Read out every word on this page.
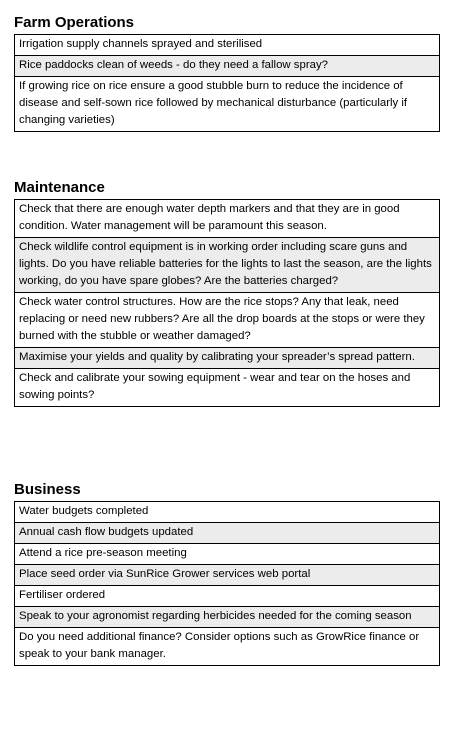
Farm Operations
Irrigation supply channels sprayed and sterilised
Rice paddocks clean of weeds - do they need a fallow spray?
If growing rice on rice ensure a good stubble burn to reduce the incidence of disease and self-sown rice followed by mechanical disturbance (particularly if changing varieties)
Maintenance
Check that there are enough water depth markers and that they are in good condition. Water management will be paramount this season.
Check wildlife control equipment is in working order including scare guns and lights. Do you have reliable batteries for the lights to last the season, are the lights working, do you have spare globes? Are the batteries charged?
Check water control structures. How are the rice stops? Any that leak, need replacing or need new rubbers? Are all the drop boards at the stops or were they burned with the stubble or weather damaged?
Maximise your yields and quality by calibrating your spreader’s spread pattern.
Check and calibrate your sowing equipment - wear and tear on the hoses and sowing points?
Business
Water budgets completed
Annual cash flow budgets updated
Attend a rice pre-season meeting
Place seed order via SunRice Grower services web portal
Fertiliser ordered
Speak to your agronomist regarding herbicides needed for the coming season
Do you need additional finance? Consider options such as GrowRice finance or speak to your bank manager.
